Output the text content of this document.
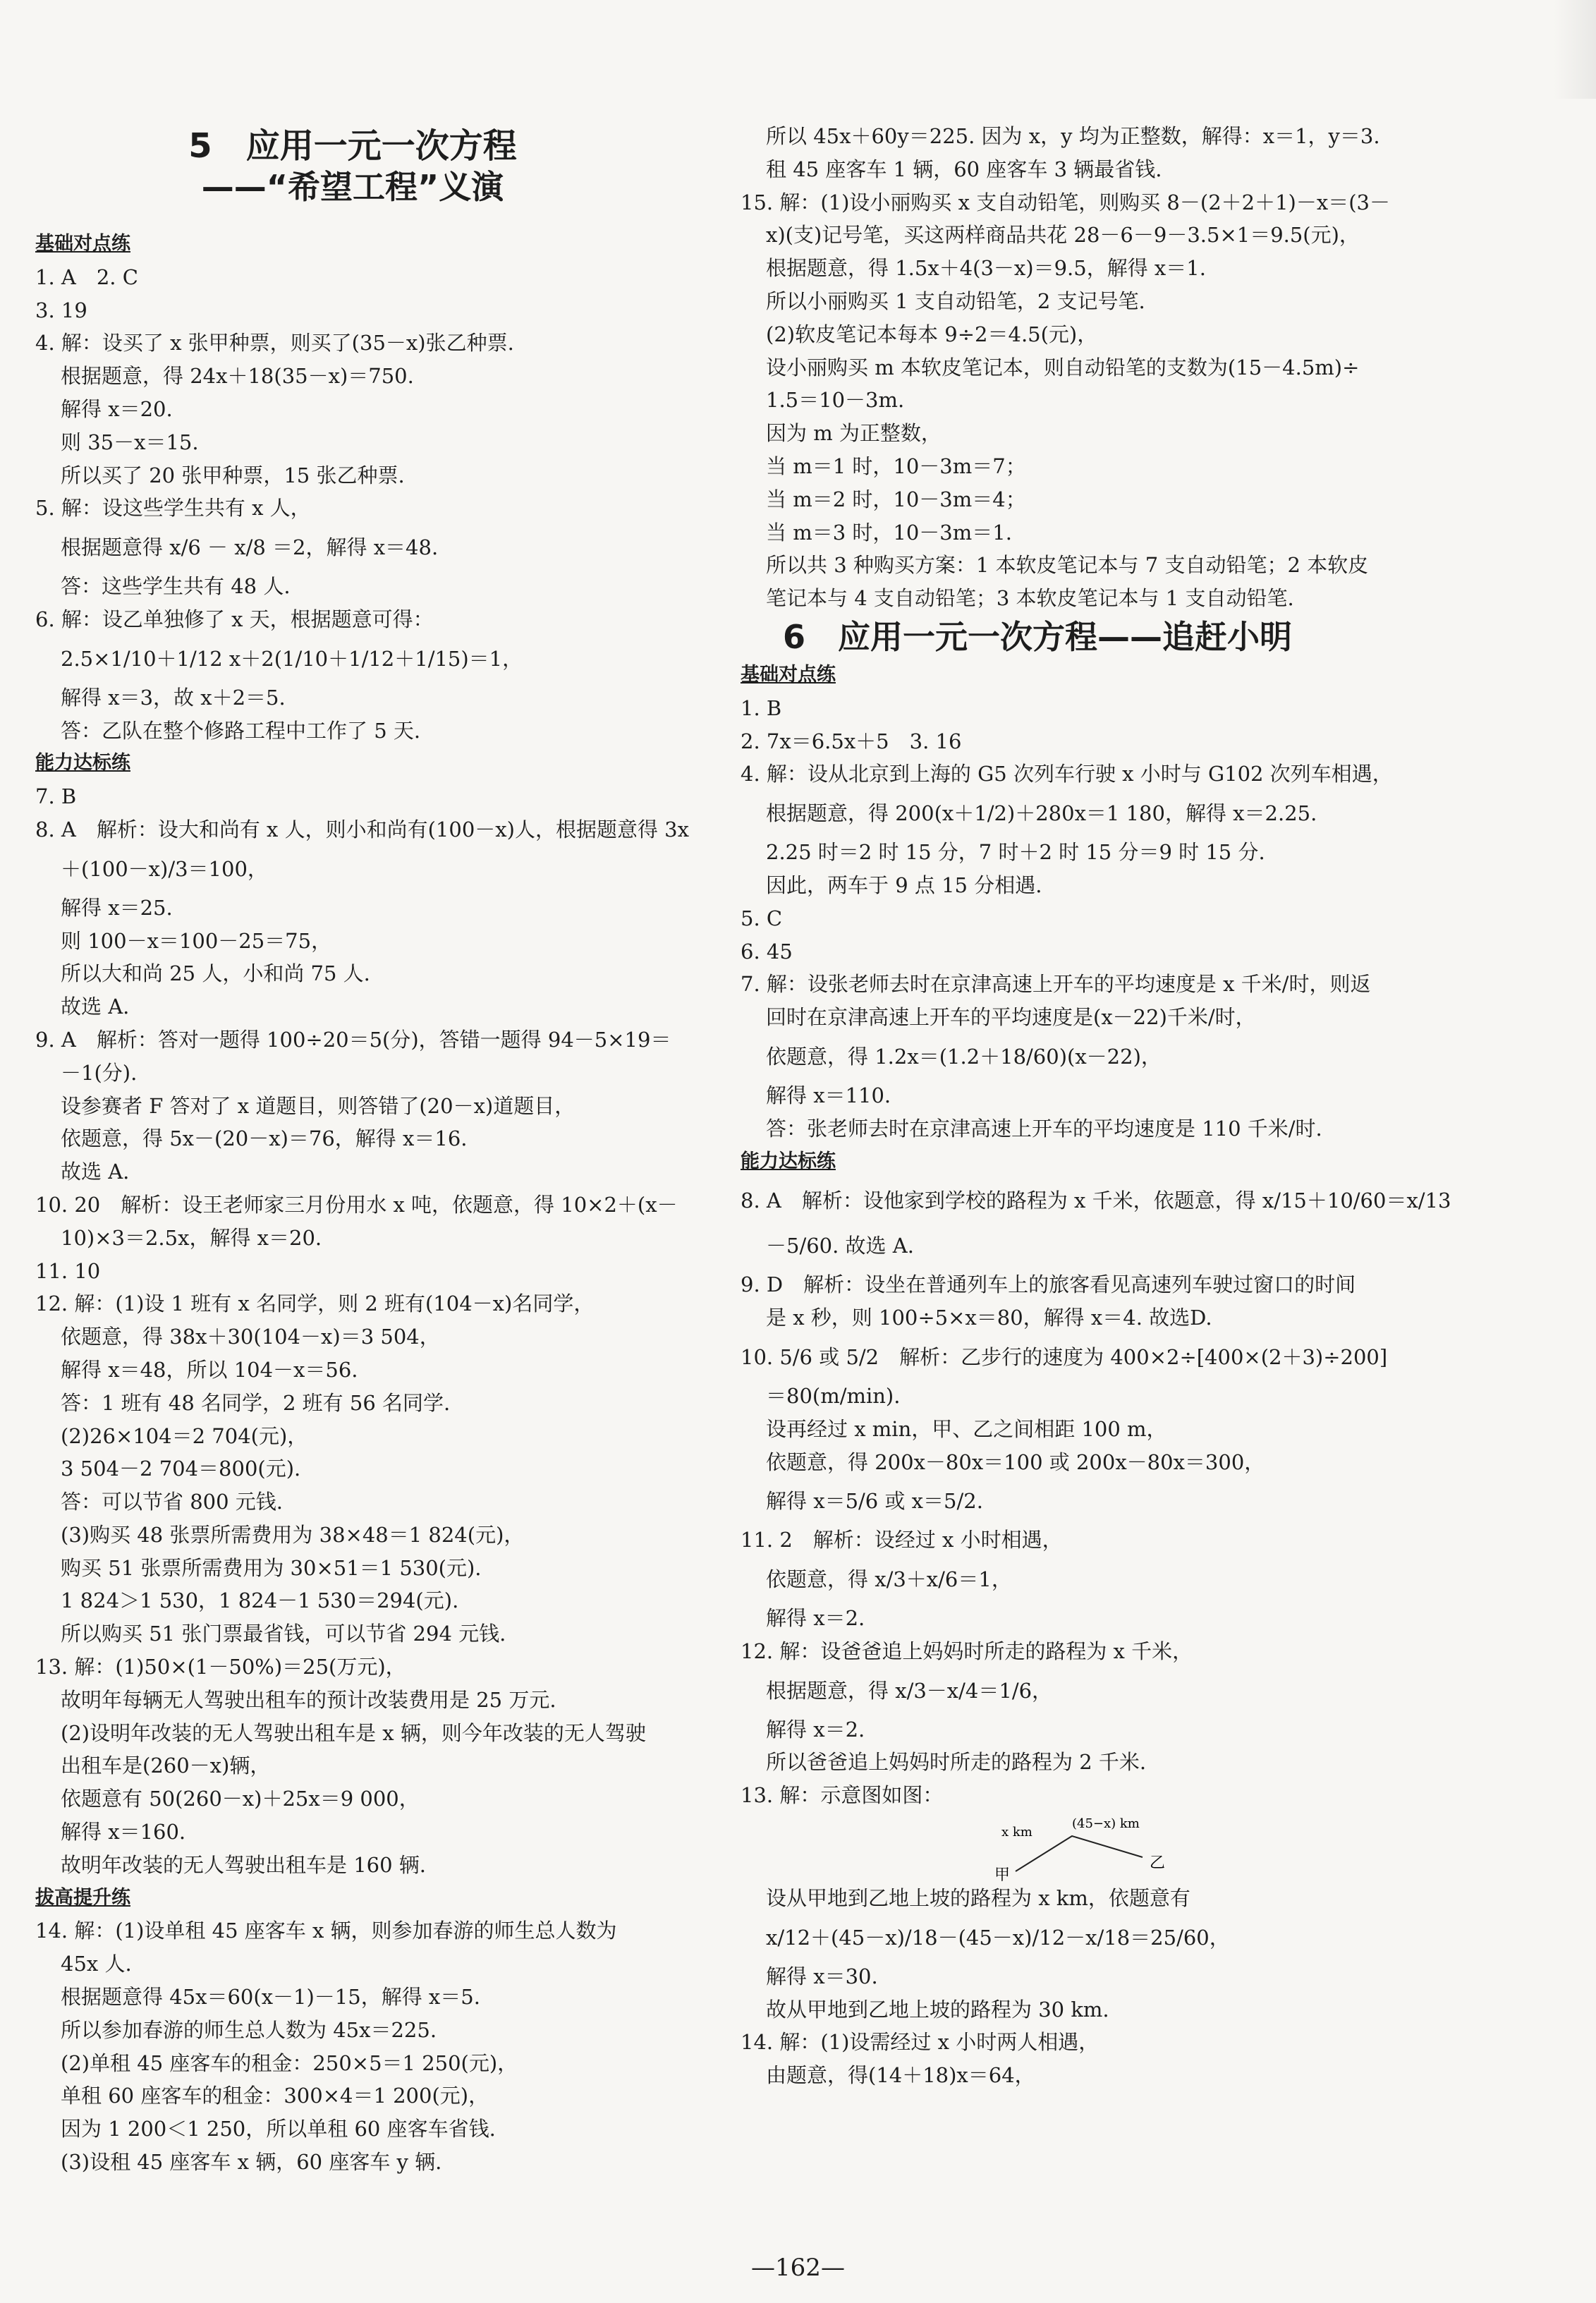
5　应用一元一次方程

——“希望工程”义演

基础对点练
1. A　2. C
3. 19
4. 解：设买了 x 张甲种票，则买了(35－x)张乙种票.
根据题意，得 24x＋18(35－x)＝750.
解得 x＝20.
则 35－x＝15.
所以买了 20 张甲种票，15 张乙种票.
5. 解：设这些学生共有 x 人，
根据题意得 x/6 － x/8 ＝2，解得 x＝48.
答：这些学生共有 48 人.
6. 解：设乙单独修了 x 天，根据题意可得：
2.5×1/10＋1/12 x＋2(1/10＋1/12＋1/15)＝1，
解得 x＝3，故 x＋2＝5.
答：乙队在整个修路工程中工作了 5 天.
能力达标练
7. B
8. A　解析：设大和尚有 x 人，则小和尚有(100－x)人，根据题意得 3x
＋(100－x)/3＝100，
解得 x＝25.
则 100－x＝100－25＝75，
所以大和尚 25 人，小和尚 75 人.
故选 A.
9. A　解析：答对一题得 100÷20＝5(分)，答错一题得 94－5×19＝
－1(分).
设参赛者 F 答对了 x 道题目，则答错了(20－x)道题目，
依题意，得 5x－(20－x)＝76，解得 x＝16.
故选 A.
10. 20　解析：设王老师家三月份用水 x 吨，依题意，得 10×2＋(x－
10)×3＝2.5x，解得 x＝20.
11. 10
12. 解：(1)设 1 班有 x 名同学，则 2 班有(104－x)名同学，
依题意，得 38x＋30(104－x)＝3 504，
解得 x＝48，所以 104－x＝56.
答：1 班有 48 名同学，2 班有 56 名同学.
(2)26×104＝2 704(元)，
3 504－2 704＝800(元).
答：可以节省 800 元钱.
(3)购买 48 张票所需费用为 38×48＝1 824(元)，
购买 51 张票所需费用为 30×51＝1 530(元).
1 824＞1 530，1 824－1 530＝294(元).
所以购买 51 张门票最省钱，可以节省 294 元钱.
13. 解：(1)50×(1－50%)＝25(万元)，
故明年每辆无人驾驶出租车的预计改装费用是 25 万元.
(2)设明年改装的无人驾驶出租车是 x 辆，则今年改装的无人驾驶
出租车是(260－x)辆，
依题意有 50(260－x)＋25x＝9 000，
解得 x＝160.
故明年改装的无人驾驶出租车是 160 辆.
拔高提升练
14. 解：(1)设单租 45 座客车 x 辆，则参加春游的师生总人数为
45x 人.
根据题意得 45x＝60(x－1)－15，解得 x＝5.
所以参加春游的师生总人数为 45x＝225.
(2)单租 45 座客车的租金：250×5＝1 250(元)，
单租 60 座客车的租金：300×4＝1 200(元)，
因为 1 200＜1 250，所以单租 60 座客车省钱.
(3)设租 45 座客车 x 辆，60 座客车 y 辆.
所以 45x＋60y＝225. 因为 x，y 均为正整数，解得：x＝1，y＝3.
租 45 座客车 1 辆，60 座客车 3 辆最省钱.
15. 解：(1)设小丽购买 x 支自动铅笔，则购买 8－(2＋2＋1)－x＝(3－
x)(支)记号笔，买这两样商品共花 28－6－9－3.5×1＝9.5(元)，
根据题意，得 1.5x＋4(3－x)＝9.5，解得 x＝1.
所以小丽购买 1 支自动铅笔，2 支记号笔.
(2)软皮笔记本每本 9÷2＝4.5(元)，
设小丽购买 m 本软皮笔记本，则自动铅笔的支数为(15－4.5m)÷
1.5＝10－3m.
因为 m 为正整数，
当 m＝1 时，10－3m＝7；
当 m＝2 时，10－3m＝4；
当 m＝3 时，10－3m＝1.
所以共 3 种购买方案：1 本软皮笔记本与 7 支自动铅笔；2 本软皮
笔记本与 4 支自动铅笔；3 本软皮笔记本与 1 支自动铅笔.

6　应用一元一次方程——追赶小明

基础对点练
1. B
2. 7x＝6.5x＋5　3. 16
4. 解：设从北京到上海的 G5 次列车行驶 x 小时与 G102 次列车相遇，
根据题意，得 200(x＋1/2)＋280x＝1 180，解得 x＝2.25.
2.25 时＝2 时 15 分，7 时＋2 时 15 分＝9 时 15 分.
因此，两车于 9 点 15 分相遇.
5. C
6. 45
7. 解：设张老师去时在京津高速上开车的平均速度是 x 千米/时，则返
回时在京津高速上开车的平均速度是(x－22)千米/时，
依题意，得 1.2x＝(1.2＋18/60)(x－22)，
解得 x＝110.
答：张老师去时在京津高速上开车的平均速度是 110 千米/时.
能力达标练
8. A　解析：设他家到学校的路程为 x 千米，依题意，得 x/15＋10/60＝x/13
－5/60. 故选 A.
9. D　解析：设坐在普通列车上的旅客看见高速列车驶过窗口的时间
是 x 秒，则 100÷5×x＝80，解得 x＝4. 故选D.
10. 5/6 或 5/2　解析：乙步行的速度为 400×2÷[400×(2＋3)÷200]
＝80(m/min).
设再经过 x min，甲、乙之间相距 100 m，
依题意，得 200x－80x＝100 或 200x－80x＝300，
解得 x＝5/6 或 x＝5/2.
11. 2　解析：设经过 x 小时相遇，
依题意，得 x/3＋x/6＝1，
解得 x＝2.
12. 解：设爸爸追上妈妈时所走的路程为 x 千米，
根据题意，得 x/3－x/4＝1/6，
解得 x＝2.
所以爸爸追上妈妈时所走的路程为 2 千米.
13. 解：示意图如图：
x km
(45−x) km
甲
乙
设从甲地到乙地上坡的路程为 x km，依题意有
x/12＋(45－x)/18－(45－x)/12－x/18＝25/60，
解得 x＝30.
故从甲地到乙地上坡的路程为 30 km.
14. 解：(1)设需经过 x 小时两人相遇，
由题意，得(14＋18)x＝64，
—162—
